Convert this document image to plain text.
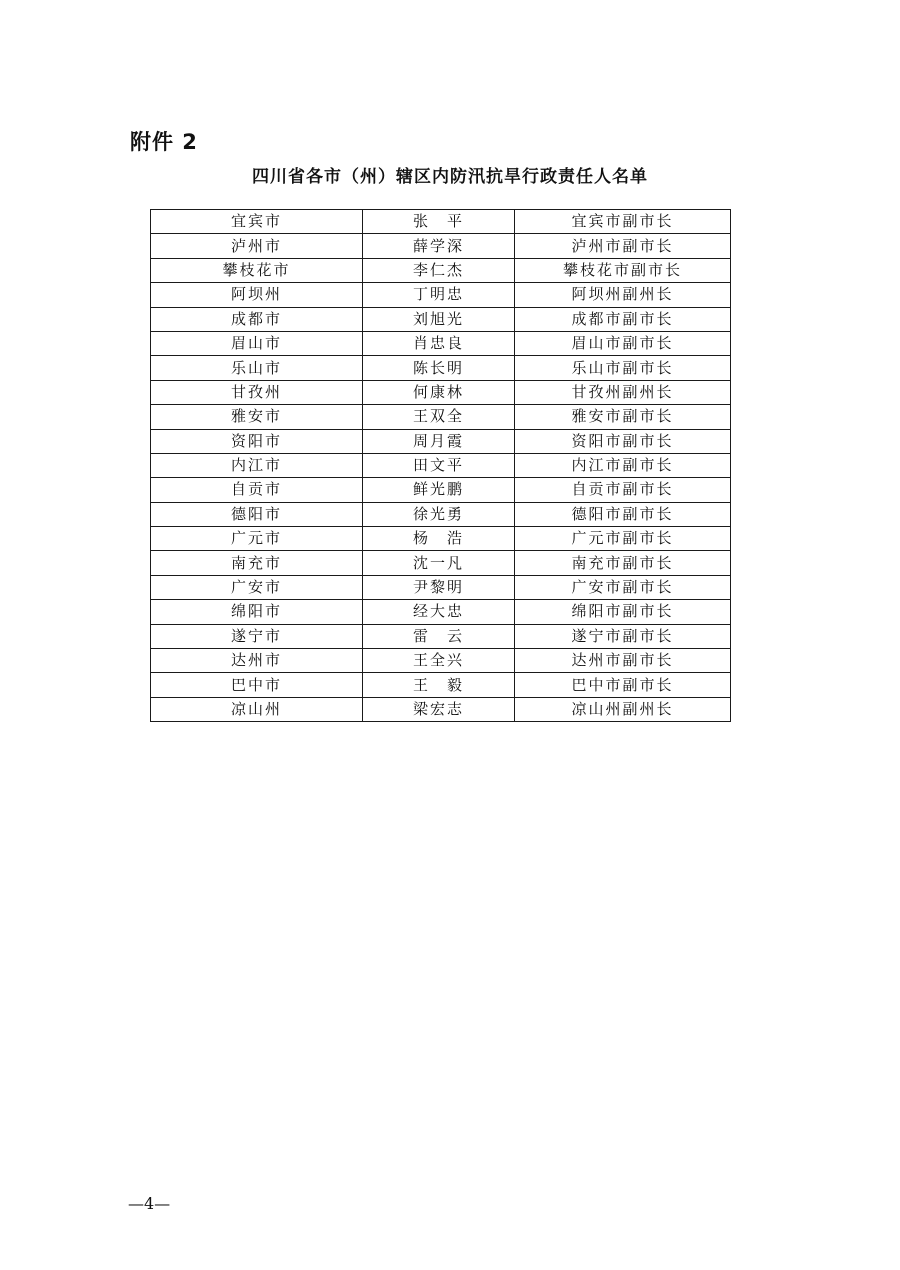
附件 2
四川省各市（州）辖区内防汛抗旱行政责任人名单
宜宾市	张　平	宜宾市副市长
泸州市	薛学深	泸州市副市长
攀枝花市	李仁杰	攀枝花市副市长
阿坝州	丁明忠	阿坝州副州长
成都市	刘旭光	成都市副市长
眉山市	肖忠良	眉山市副市长
乐山市	陈长明	乐山市副市长
甘孜州	何康林	甘孜州副州长
雅安市	王双全	雅安市副市长
资阳市	周月霞	资阳市副市长
内江市	田文平	内江市副市长
自贡市	鲜光鹏	自贡市副市长
德阳市	徐光勇	德阳市副市长
广元市	杨　浩	广元市副市长
南充市	沈一凡	南充市副市长
广安市	尹黎明	广安市副市长
绵阳市	经大忠	绵阳市副市长
遂宁市	雷　云	遂宁市副市长
达州市	王全兴	达州市副市长
巴中市	王　毅	巴中市副市长
凉山州	梁宏志	凉山州副州长
—4—
